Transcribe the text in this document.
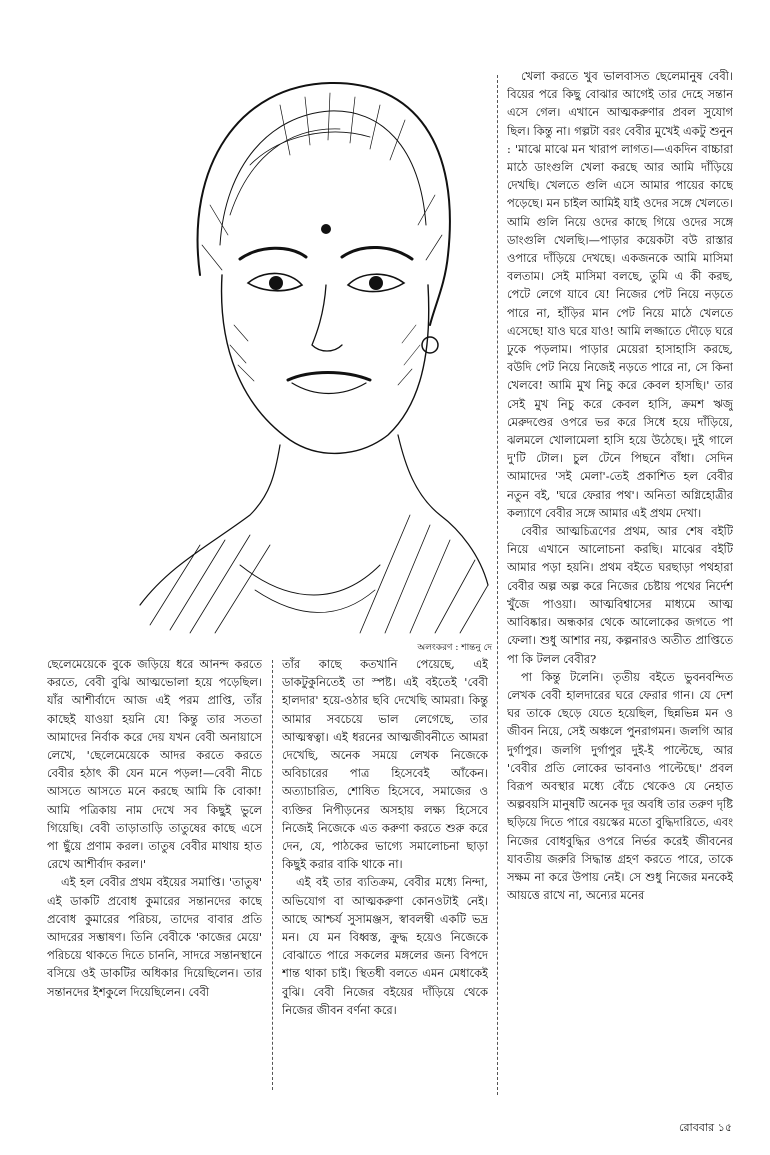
অলংকরণ : শান্তনু দে

খেলা করতে খুব ভালবাসত ছেলেমানুষ বেবী। বিয়ের পরে কিছু বোঝার আগেই তার দেহে সন্তান এসে গেল। এখানে আত্মকরুণার প্রবল সুযোগ ছিল। কিন্তু না। গল্পটা বরং বেবীর মুখেই একটু শুনুন : 'মাঝে মাঝে মন খারাপ লাগত।—একদিন বাচ্চারা মাঠে ডাংগুলি খেলা করছে আর আমি দাঁড়িয়ে দেখছি। খেলতে গুলি এসে আমার পায়ের কাছে পড়েছে। মন চাইল আমিই যাই ওদের সঙ্গে খেলতে। আমি গুলি নিয়ে ওদের কাছে গিয়ে ওদের সঙ্গে ডাংগুলি খেলছি।—পাড়ার কয়েকটা বউ রাস্তার ওপারে দাঁড়িয়ে দেখছে। একজনকে আমি মাসিমা বলতাম। সেই মাসিমা বলছে, তুমি এ কী করছ, পেটে লেগে যাবে যে! নিজের পেট নিয়ে নড়তে পারে না, হাঁড়ির মান পেট নিয়ে মাঠে খেলতে এসেছে! যাও ঘরে যাও! আমি লজ্জাতে দৌড়ে ঘরে ঢুকে পড়লাম। পাড়ার মেয়েরা হাসাহাসি করছে, বউদি পেট নিয়ে নিজেই নড়তে পারে না, সে কিনা খেলবে! আমি মুখ নিচু করে কেবল হাসছি।' তার সেই মুখ নিচু করে কেবল হাসি, ক্রমশ ঋজু মেরুদণ্ডের ওপরে ভর করে সিধে হয়ে দাঁড়িয়ে, ঝলমলে খোলামেলা হাসি হয়ে উঠেছে। দুই গালে দু'টি টোল। চুল টেনে পিছনে বাঁধা। সেদিন আমাদের 'সই মেলা'-তেই প্রকাশিত হল বেবীর নতুন বই, 'ঘরে ফেরার পথ'। অনিতা অগ্নিহোত্রীর কল্যাণে বেবীর সঙ্গে আমার এই প্রথম দেখা।

বেবীর আত্মচিত্রণের প্রথম, আর শেষ বইটি নিয়ে এখানে আলোচনা করছি। মাঝের বইটি আমার পড়া হয়নি। প্রথম বইতে ঘরছাড়া পথহারা বেবীর অল্প অল্প করে নিজের চেষ্টায় পথের নির্দেশ খুঁজে পাওয়া। আত্মবিশ্বাসের মাধ্যমে আত্ম আবিষ্কার। অন্ধকার থেকে আলোকের জগতে পা ফেলা। শুধু আশার নয়, কল্পনারও অতীত প্রাপ্তিতে পা কি টলল বেবীর?

পা কিন্তু টলেনি। তৃতীয় বইতে ভুবনবন্দিত লেখক বেবী হালদারের ঘরে ফেরার গান। যে দেশ ঘর তাকে ছেড়ে যেতে হয়েছিল, ছিন্নভিন্ন মন ও জীবন নিয়ে, সেই অঞ্চলে পুনরাগমন। জলগি আর দুর্গাপুর। জলগি দুর্গাপুর দুই-ই পাল্টেছে, আর 'বেবীর প্রতি লোকের ভাবনাও পাল্টেছে।' প্রবল বিরূপ অবস্থার মধ্যে বেঁচে থেকেও যে নেহাত অল্পবয়সি মানুষটি অনেক দূর অবধি তার তরুণ দৃষ্টি ছড়িয়ে দিতে পারে বয়স্কের মতো বুদ্ধিদারিতে, এবং নিজের বোধবুদ্ধির ওপরে নির্ভর করেই জীবনের যাবতীয় জরুরি সিদ্ধান্ত গ্রহণ করতে পারে, তাকে সক্ষম না করে উপায় নেই। সে শুধু নিজের মনকেই আয়ত্তে রাখে না, অন্যের মনের

ছেলেমেয়েকে বুকে জড়িয়ে ধরে আনন্দ করতে করতে, বেবী বুঝি আত্মভোলা হয়ে পড়েছিল। যাঁর আশীর্বাদে আজ এই পরম প্রাপ্তি, তাঁর কাছেই যাওয়া হয়নি যে! কিন্তু তার সততা আমাদের নির্বাক করে দেয় যখন বেবী অনায়াসে লেখে, 'ছেলেমেয়েকে আদর করতে করতে বেবীর হঠাৎ কী যেন মনে পড়ল!—বেবী নীচে আসতে আসতে মনে করছে আমি কি বোকা! আমি পত্রিকায় নাম দেখে সব কিছুই ভুলে গিয়েছি। বেবী তাড়াতাড়ি তাতুষের কাছে এসে পা ছুঁয়ে প্রণাম করল। তাতুষ বেবীর মাথায় হাত রেখে আশীর্বাদ করল।'

এই হল বেবীর প্রথম বইয়ের সমাপ্তি। 'তাতুষ' এই ডাকটি প্রবোধ কুমারের সন্তানদের কাছে প্রবোধ কুমারের পরিচয়, তাদের বাবার প্রতি আদরের সম্ভাষণ। তিনি বেবীকে 'কাজের মেয়ে' পরিচয়ে থাকতে দিতে চাননি, সাদরে সন্তানস্থানে বসিয়ে ওই ডাকটির অধিকার দিয়েছিলেন। তার সন্তানদের ইশকুলে দিয়েছিলেন। বেবী

তাঁর কাছে কতখানি পেয়েছে, এই ডাকটুকুনিতেই তা স্পষ্ট। এই বইতেই 'বেবী হালদার' হয়ে-ওঠার ছবি দেখেছি আমরা। কিন্তু আমার সবচেয়ে ভাল লেগেছে, তার আত্মস্বত্বা। এই ধরনের আত্মজীবনীতে আমরা দেখেছি, অনেক সময়ে লেখক নিজেকে অবিচারের পাত্র হিসেবেই আঁকেন। অত্যাচারিত, শোষিত হিসেবে, সমাজের ও ব্যক্তির নিপীড়নের অসহায় লক্ষ্য হিসেবে নিজেই নিজেকে এত করুণা করতে শুরু করে দেন, যে, পাঠকের ভাগ্যে সমালোচনা ছাড়া কিছুই করার বাকি থাকে না।

এই বই তার ব্যতিক্রম, বেবীর মধ্যে নিন্দা, অভিযোগ বা আত্মকরুণা কোনওটাই নেই। আছে আশ্চর্য সুসামঞ্জস, স্বাবলম্বী একটি ভদ্র মন। যে মন বিধ্বস্ত, ক্রুদ্ধ হয়েও নিজেকে বোঝাতে পারে সকলের মঙ্গলের জন্য বিপদে শান্ত থাকা চাই। স্থিতধী বলতে এমন মেধাকেই বুঝি। বেবী নিজের বইয়ের দাঁড়িয়ে থেকে নিজের জীবন বর্ণনা করে।

রোববার ১৫
